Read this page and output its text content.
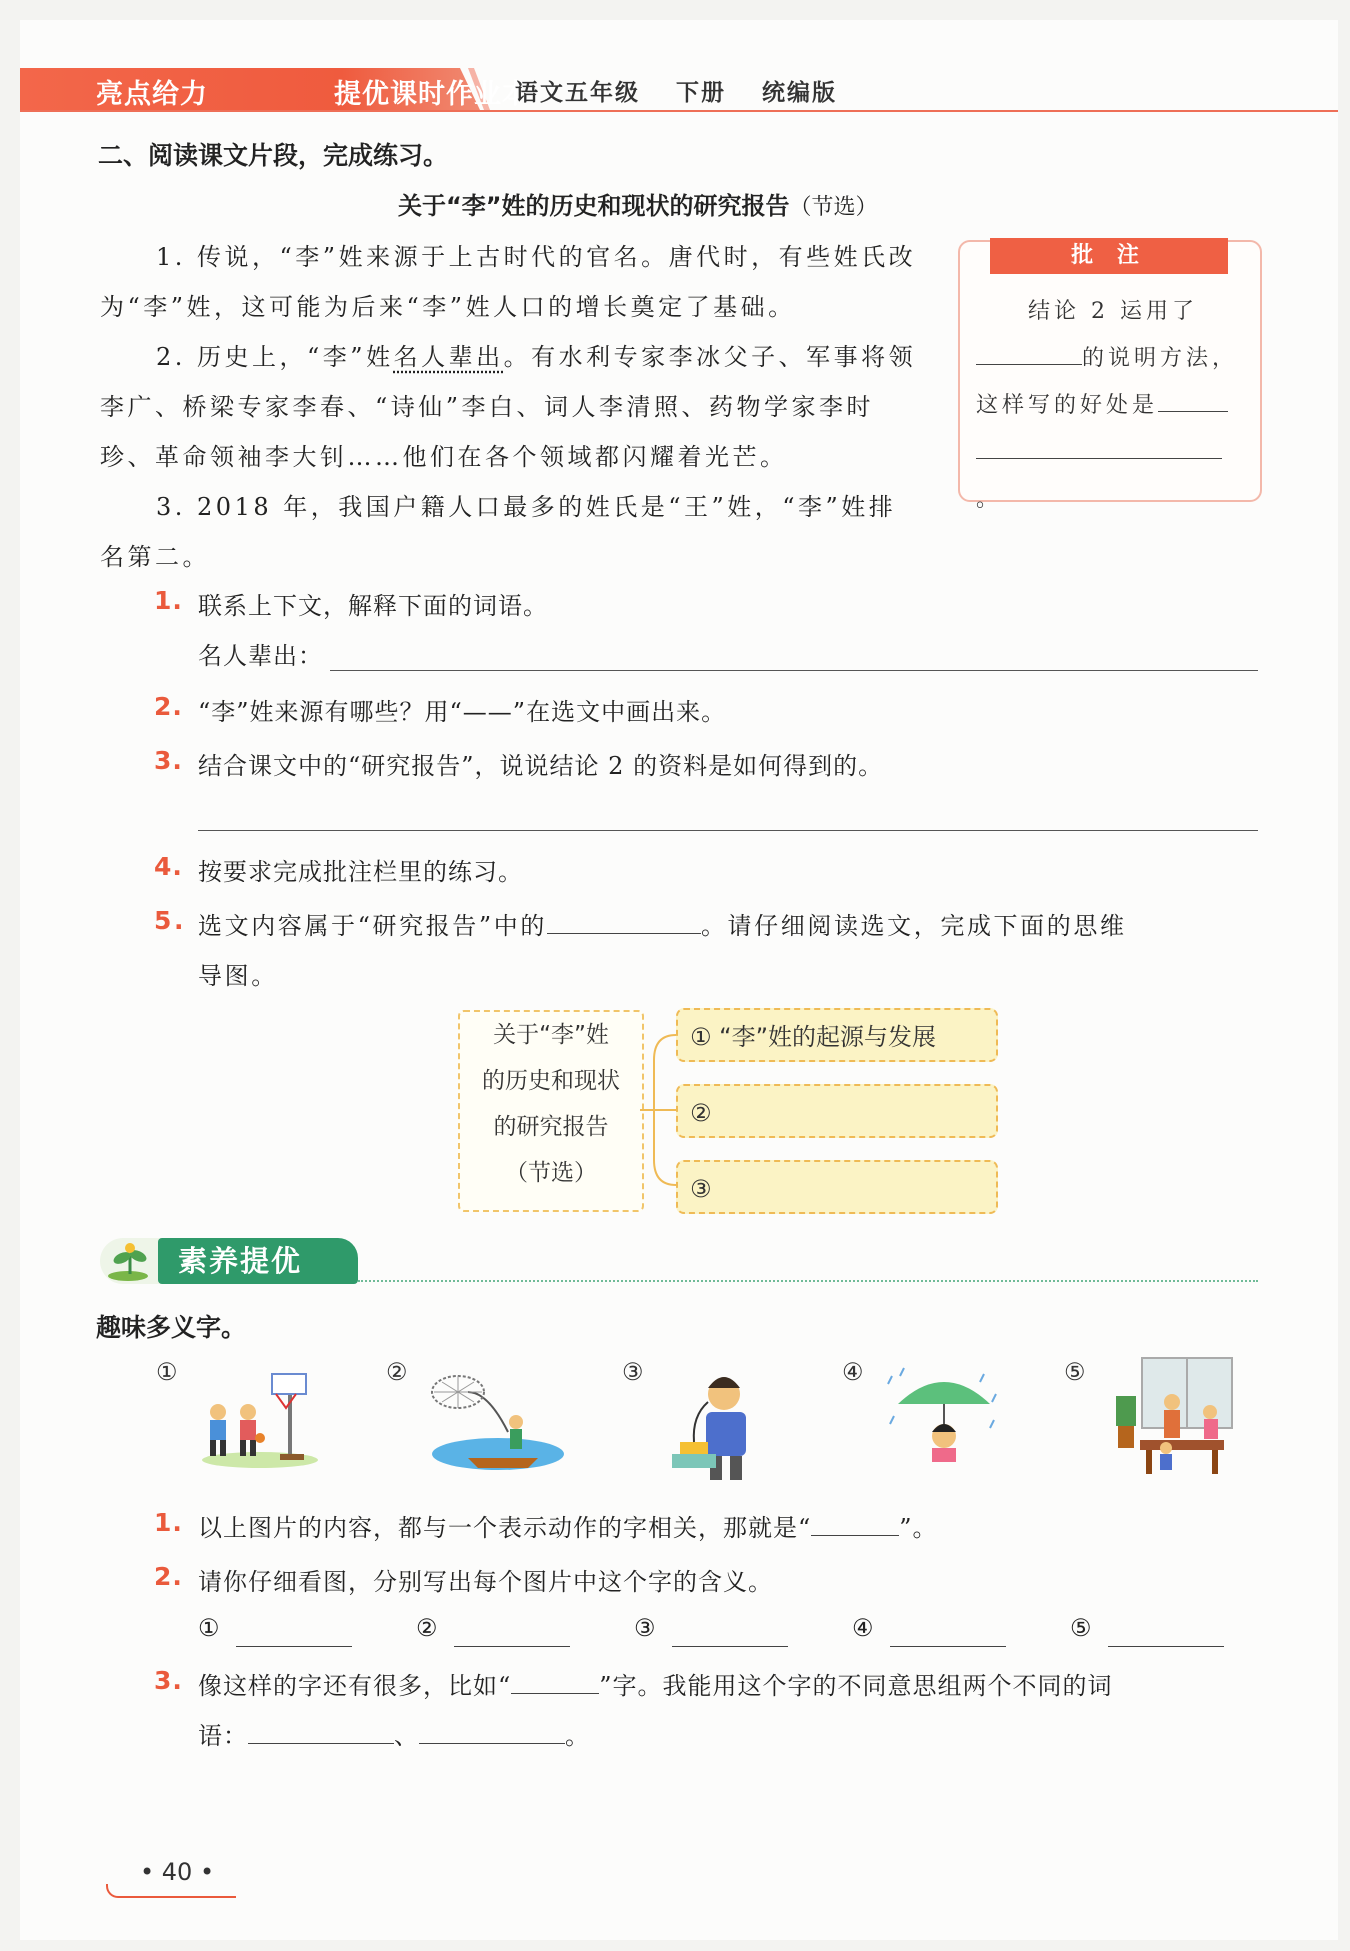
亮点给力	提优课时作业本
语文五年级 下册 统编版
二、阅读课文片段，完成练习。
关于“李”姓的历史和现状的研究报告（节选）

1. 传说，“李”姓来源于上古时代的官名。唐代时，有些姓氏改为“李”姓，这可能为后来“李”姓人口的增长奠定了基础。

2. 历史上，“李”姓名人辈出。有水利专家李冰父子、军事将领李广、桥梁专家李春、“诗仙”李白、词人李清照、药物学家李时珍、革命领袖李大钊……他们在各个领域都闪耀着光芒。

3. 2018 年，我国户籍人口最多的姓氏是“王”姓，“李”姓排名第二。

批 注
结论 2 运用了
的说明方法，
这样写的好处是
。
1. 联系上下文，解释下面的词语。
名人辈出：
2. “李”姓来源有哪些？用“——”在选文中画出来。
3. 结合课文中的“研究报告”，说说结论 2 的资料是如何得到的。
4. 按要求完成批注栏里的练习。
5. 选文内容属于“研究报告”中的	。请仔细阅读选文，完成下面的思维
导图。
关于“李”姓
的历史和现状
的研究报告
（节选）
① “李”姓的起源与发展
②
③
素养提优
趣味多义字。
①	②	③	④	⑤
1. 以上图片的内容，都与一个表示动作的字相关，那就是“	”。
2. 请你仔细看图，分别写出每个图片中这个字的含义。
①	②	③	④	⑤
3. 像这样的字还有很多，比如“	”字。我能用这个字的不同意思组两个不同的词
语：	、	。
• 40 •
